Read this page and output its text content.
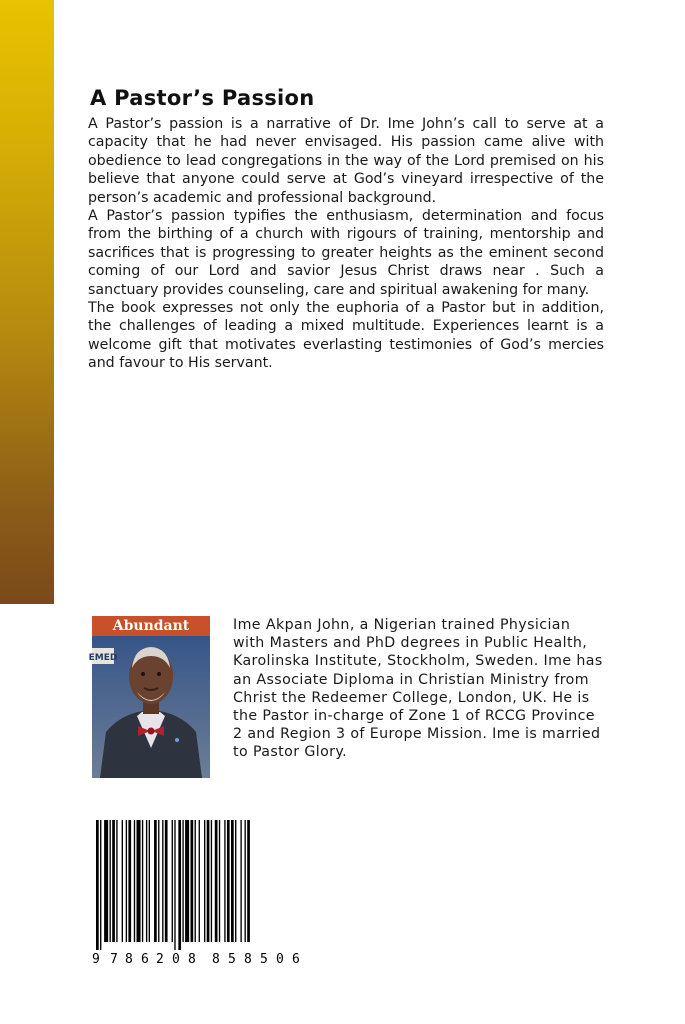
A Pastor’s Passion

A Pastor’s passion is a narrative of Dr. Ime John’s call to serve at a capacity that he had never envisaged. His passion came alive with obedience to lead congregations in the way of the Lord premised on his believe that anyone could serve at God’s vineyard irrespective of the person’s academic and professional background.

A Pastor’s passion typifies the enthusiasm, determination and focus from the birthing of a church with rigours of training, mentorship and sacrifices that is progressing to greater heights as the eminent second coming of our Lord and savior Jesus Christ draws near . Such a sanctuary provides counseling, care and spiritual awakening for many.

The book expresses not only the euphoria of a Pastor but in addition, the challenges of leading a mixed multitude. Experiences learnt is a welcome gift that motivates everlasting testimonies of God’s mercies and favour to His servant.

Abundant
EMED
Ime Akpan John, a Nigerian trained Physician with Masters and PhD degrees in Public Health, Karolinska Institute, Stockholm, Sweden. Ime has an Associate Diploma in Christian Ministry from Christ the Redeemer College, London, UK. He is the Pastor in-charge of Zone 1 of RCCG Province 2 and Region 3 of Europe Mission. Ime is married to Pastor Glory.
9 7 8 6 2 0 8 8 5 8 5 0 6
